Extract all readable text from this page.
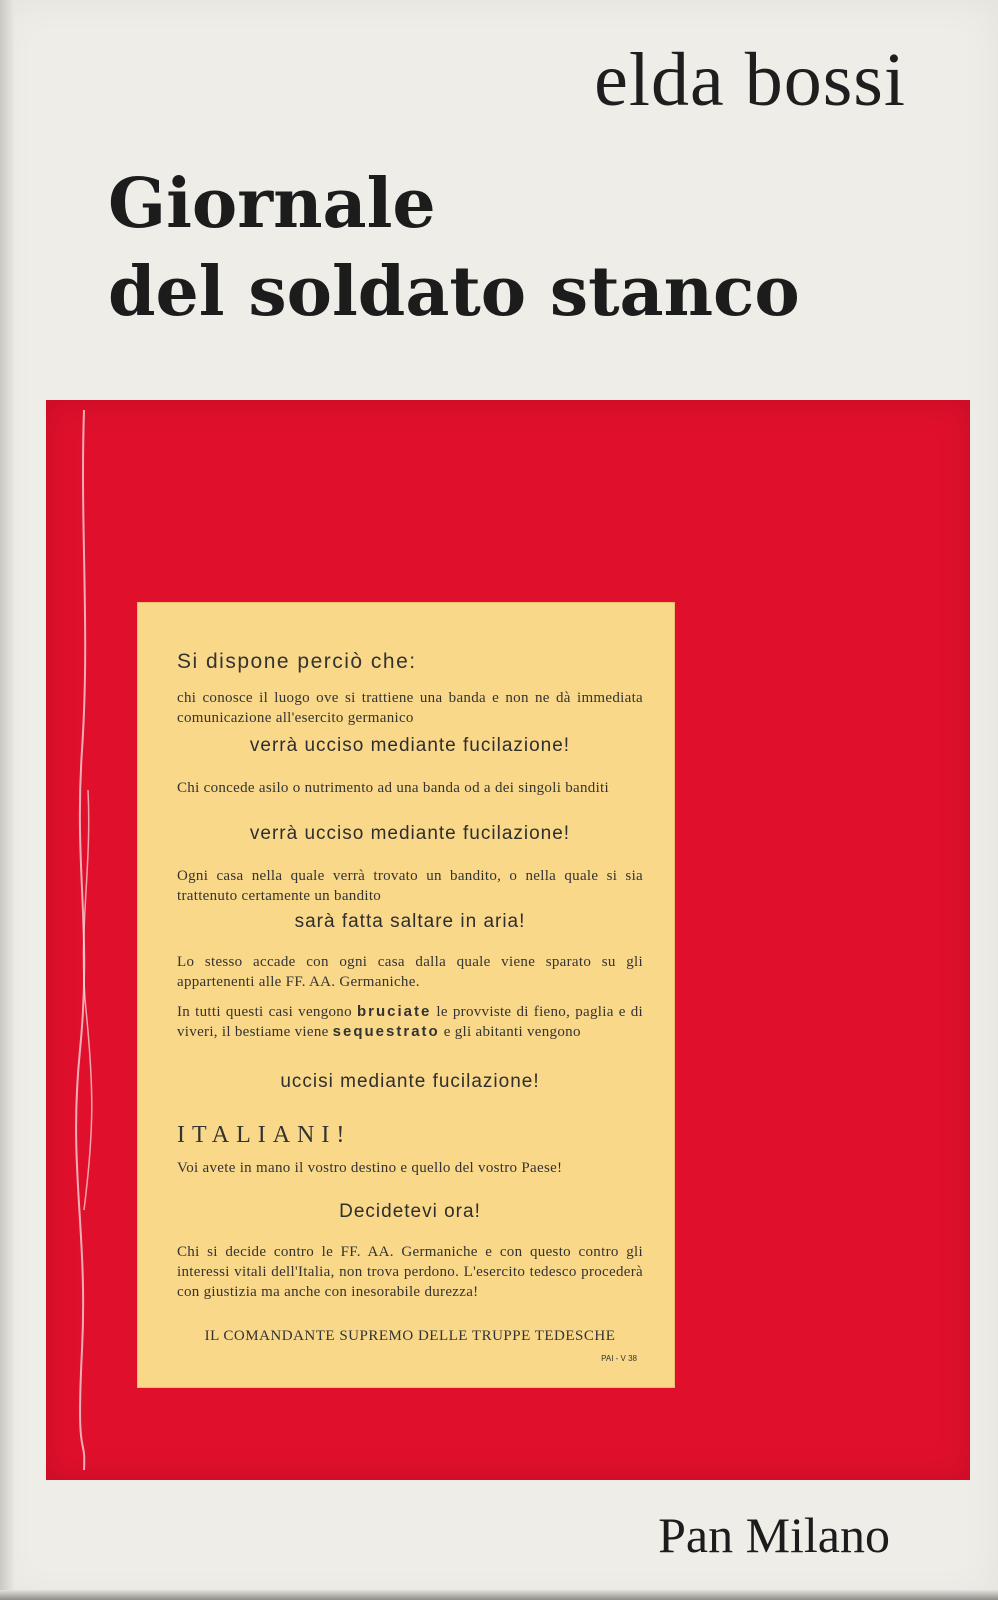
elda bossi
Giornale
del soldato stanco
Si dispone perciò che:
chi conosce il luogo ove si trattiene una banda e non ne dà immediata comunicazione all'esercito germanico
verrà ucciso mediante fucilazione!
Chi concede asilo o nutrimento ad una banda od a dei singoli banditi
verrà ucciso mediante fucilazione!
Ogni casa nella quale verrà trovato un bandito, o nella quale si sia trattenuto certamente un bandito
sarà fatta saltare in aria!
Lo stesso accade con ogni casa dalla quale viene sparato su gli appartenenti alle FF. AA. Germaniche.
In tutti questi casi vengono bruciate le provviste di fieno, paglia e di viveri, il bestiame viene sequestrato e gli abitanti vengono
uccisi mediante fucilazione!
ITALIANI!
Voi avete in mano il vostro destino e quello del vostro Paese!
Decidetevi ora!
Chi si decide contro le FF. AA. Germaniche e con questo contro gli interessi vitali dell'Italia, non trova perdono. L'esercito tedesco procederà con giustizia ma anche con inesorabile durezza!
IL COMANDANTE SUPREMO DELLE TRUPPE TEDESCHE
PAI - V 38
Pan Milano
